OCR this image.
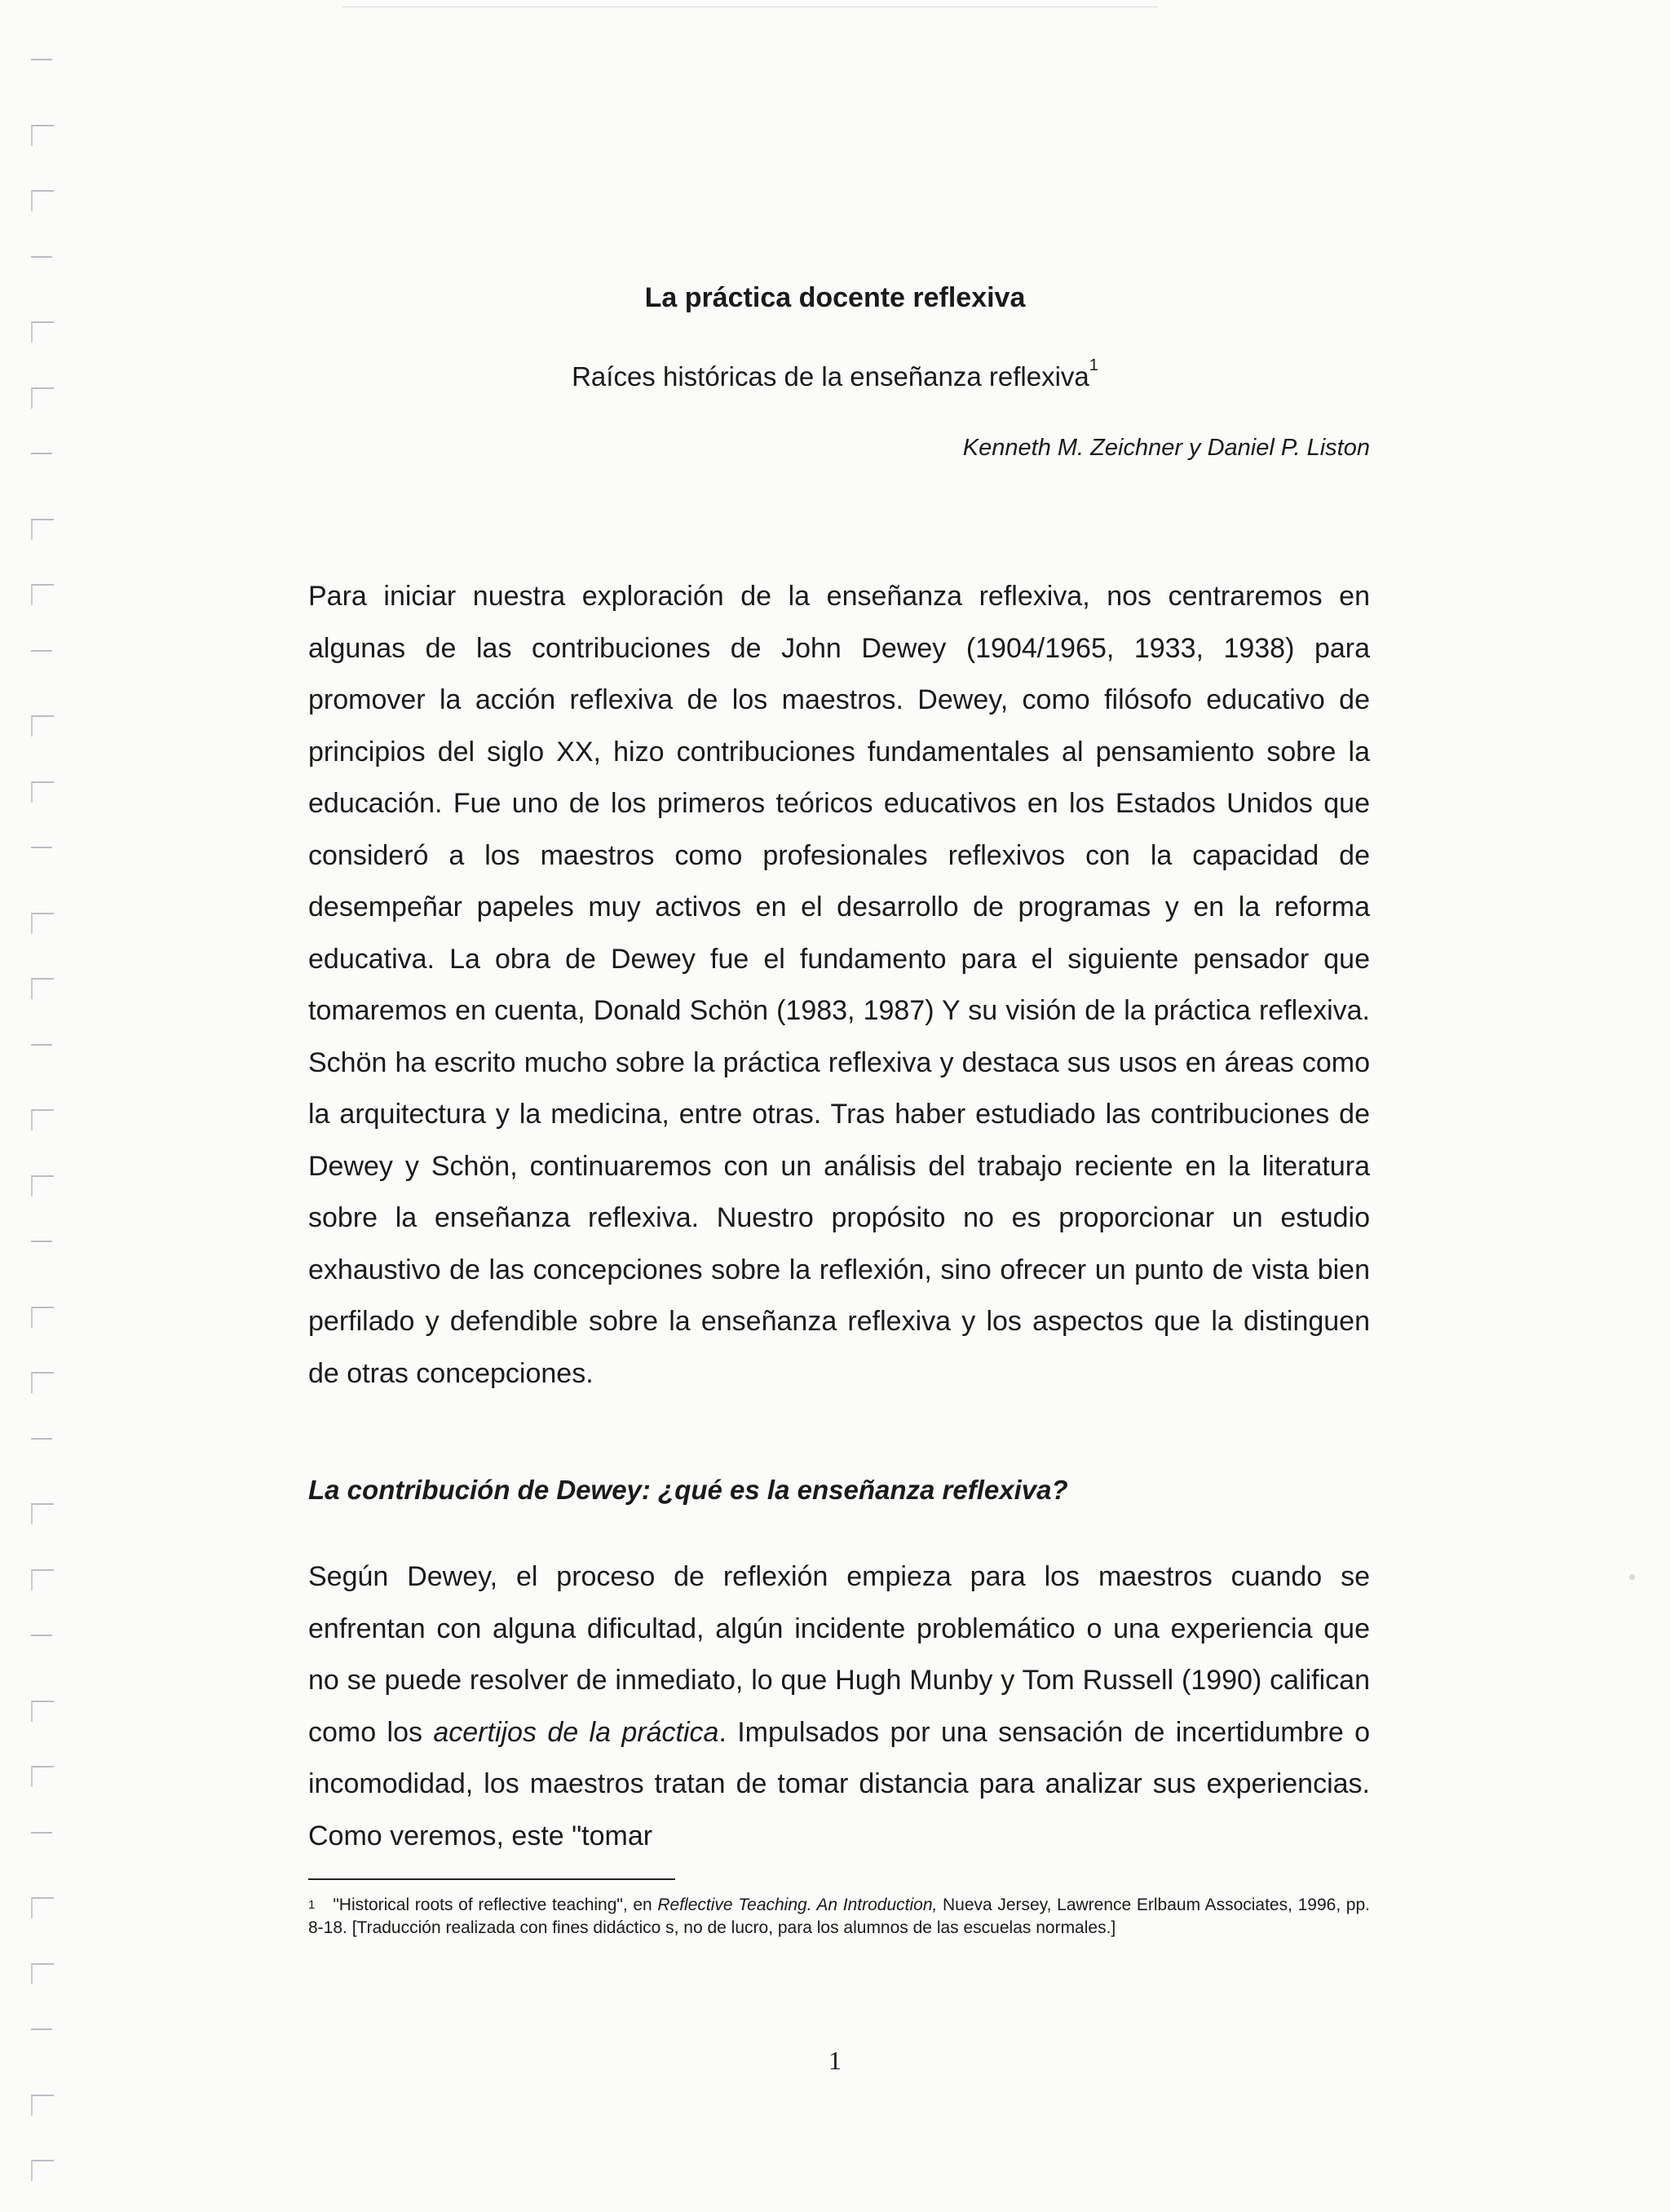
La práctica docente reflexiva
Raíces históricas de la enseñanza reflexiva$^1$
Kenneth M. Zeichner y Daniel P. Liston

Para iniciar nuestra exploración de la enseñanza reflexiva, nos centraremos en algunas de las contribuciones de John Dewey (1904/1965, 1933, 1938) para promover la acción reflexiva de los maestros. Dewey, como filósofo educativo de principios del siglo XX, hizo contribuciones fundamentales al pensamiento sobre la educación. Fue uno de los primeros teóricos educativos en los Estados Unidos que consideró a los maestros como profesionales reflexivos con la capacidad de desempeñar papeles muy activos en el desarrollo de programas y en la reforma educativa. La obra de Dewey fue el fundamento para el siguiente pensador que tomaremos en cuenta, Donald Schön (1983, 1987) Y su visión de la práctica reflexiva. Schön ha escrito mucho sobre la práctica reflexiva y destaca sus usos en áreas como la arquitectura y la medicina, entre otras. Tras haber estudiado las contribuciones de Dewey y Schön, continuaremos con un análisis del trabajo reciente en la literatura sobre la enseñanza reflexiva. Nuestro propósito no es proporcionar un estudio exhaustivo de las concepciones sobre la reflexión, sino ofrecer un punto de vista bien perfilado y defendible sobre la enseñanza reflexiva y los aspectos que la distinguen de otras concepciones.

La contribución de Dewey: ¿qué es la enseñanza reflexiva?

Según Dewey, el proceso de reflexión empieza para los maestros cuando se enfrentan con alguna dificultad, algún incidente problemático o una experiencia que no se puede resolver de inmediato, lo que Hugh Munby y Tom Russell (1990) califican como los acertijos de la práctica. Impulsados por una sensación de incertidumbre o incomodidad, los maestros tratan de tomar distancia para analizar sus experiencias. Como veremos, este "tomar

$^1$ "Historical roots of reflective teaching", en Reflective Teaching. An Introduction, Nueva Jersey, Lawrence Erlbaum Associates, 1996, pp. 8-18. [Traducción realizada con fines didáctico s, no de lucro, para los alumnos de las escuelas normales.]

1
